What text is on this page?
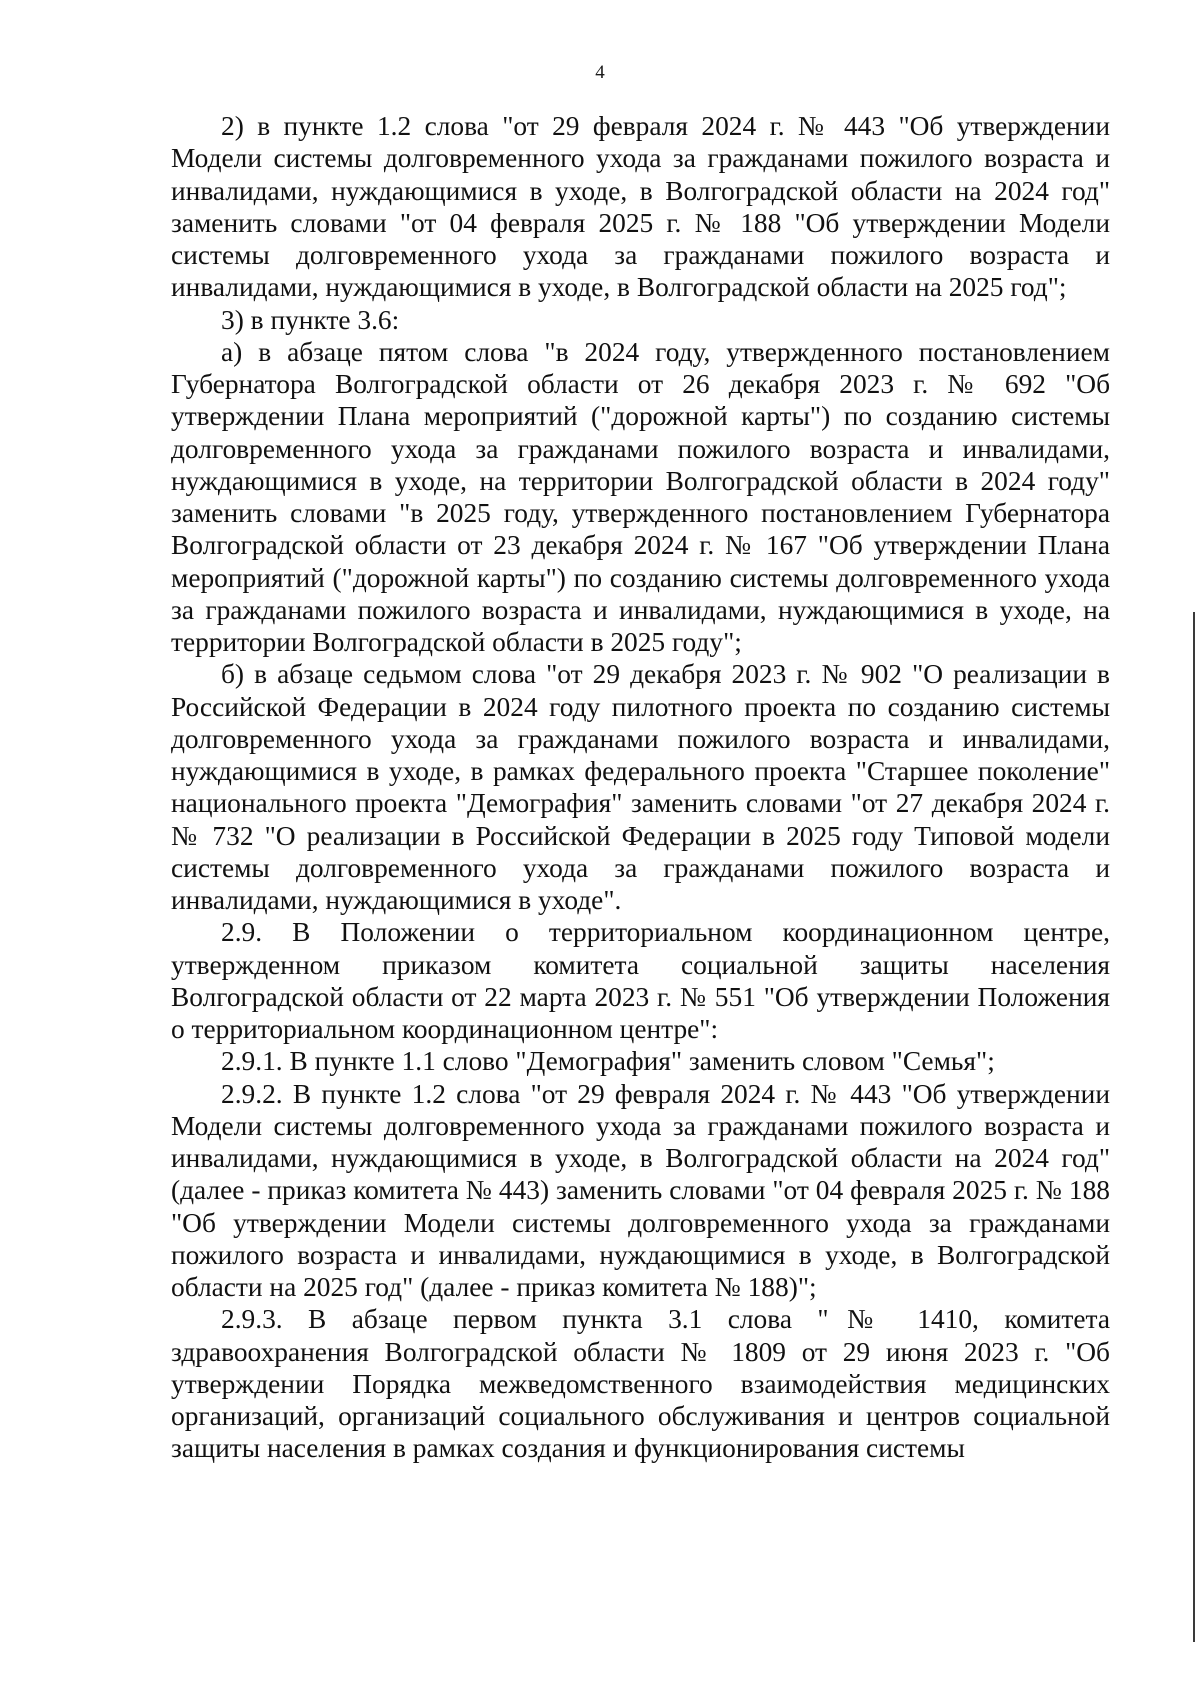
4

2) в пункте 1.2 слова "от 29 февраля 2024 г. № 443 "Об утверждении Модели системы долговременного ухода за гражданами пожилого возраста и инвалидами, нуждающимися в уходе, в Волгоградской области на 2024 год" заменить словами "от 04 февраля 2025 г. № 188 "Об утверждении Модели системы долговременного ухода за гражданами пожилого возраста и инвалидами, нуждающимися в уходе, в Волгоградской области на 2025 год";

3) в пункте 3.6:

а) в абзаце пятом слова "в 2024 году, утвержденного постановлением Губернатора Волгоградской области от 26 декабря 2023 г. № 692 "Об утверждении Плана мероприятий ("дорожной карты") по созданию системы долговременного ухода за гражданами пожилого возраста и инвалидами, нуждающимися в уходе, на территории Волгоградской области в 2024 году" заменить словами "в 2025 году, утвержденного постановлением Губернатора Волгоградской области от 23 декабря 2024 г. № 167 "Об утверждении Плана мероприятий ("дорожной карты") по созданию системы долговременного ухода за гражданами пожилого возраста и инвалидами, нуждающимися в уходе, на территории Волгоградской области в 2025 году";

б) в абзаце седьмом слова "от 29 декабря 2023 г. № 902 "О реализации в Российской Федерации в 2024 году пилотного проекта по созданию системы долговременного ухода за гражданами пожилого возраста и инвалидами, нуждающимися в уходе, в рамках федерального проекта "Старшее поколение" национального проекта "Демография" заменить словами "от 27 декабря 2024 г. № 732 "О реализации в Российской Федерации в 2025 году Типовой модели системы долговременного ухода за гражданами пожилого возраста и инвалидами, нуждающимися в уходе".

2.9. В Положении о территориальном координационном центре, утвержденном приказом комитета социальной защиты населения Волгоградской области от 22 марта 2023 г. № 551 "Об утверждении Положения о территориальном координационном центре":

2.9.1. В пункте 1.1 слово "Демография" заменить словом "Семья";

2.9.2. В пункте 1.2 слова "от 29 февраля 2024 г. № 443 "Об утверждении Модели системы долговременного ухода за гражданами пожилого возраста и инвалидами, нуждающимися в уходе, в Волгоградской области на 2024 год" (далее - приказ комитета № 443) заменить словами "от 04 февраля 2025 г. № 188 "Об утверждении Модели системы долговременного ухода за гражданами пожилого возраста и инвалидами, нуждающимися в уходе, в Волгоградской области на 2025 год" (далее - приказ комитета № 188)";

2.9.3. В абзаце первом пункта 3.1 слова "№ 1410, комитета здравоохранения Волгоградской области № 1809 от 29 июня 2023 г. "Об утверждении Порядка межведомственного взаимодействия медицинских организаций, организаций социального обслуживания и центров социальной защиты населения в рамках создания и функционирования системы
